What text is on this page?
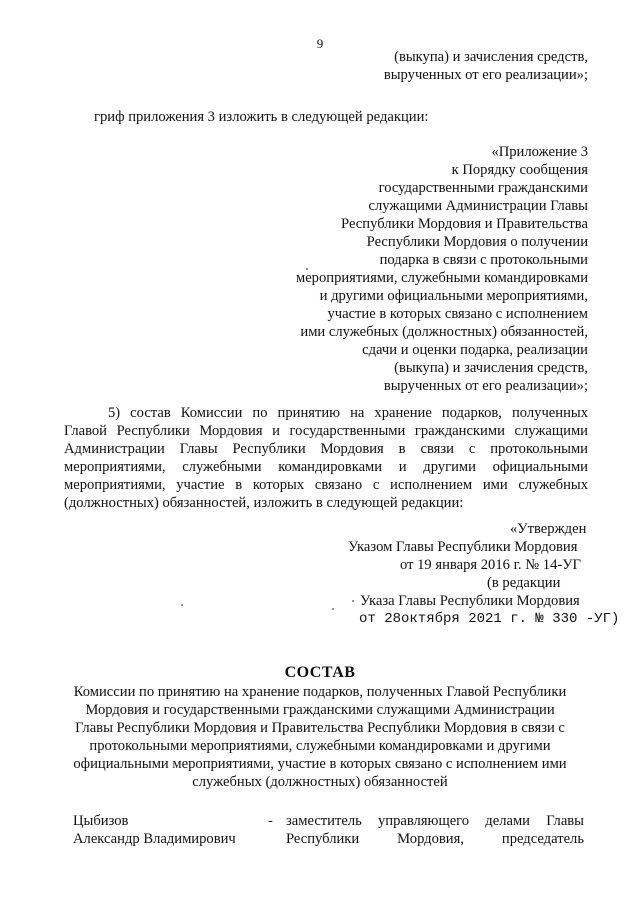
9
(выкупа) и зачисления средств,
вырученных от его реализации»;
гриф приложения 3 изложить в следующей редакции:
«Приложение 3
к Порядку сообщения
государственными гражданскими
служащими Администрации Главы
Республики Мордовия и Правительства
Республики Мордовия о получении
подарка в связи с протокольными
мероприятиями, служебными командировками
и другими официальными мероприятиями,
участие в которых связано с исполнением
ими служебных (должностных) обязанностей,
сдачи и оценки подарка, реализации
(выкупа) и зачисления средств,
вырученных от его реализации»;
5) состав Комиссии по принятию на хранение подарков, полученных
Главой Республики Мордовия и государственными гражданскими служащими
Администрации Главы Республики Мордовия в связи с протокольными
мероприятиями, служебными командировками и другими официальными
мероприятиями, участие в которых связано с исполнением ими служебных
(должностных) обязанностей, изложить в следующей редакции:
«Утвержден
Указом Главы Республики Мордовия
от 19 января 2016 г. № 14-УГ
(в редакции
Указа Главы Республики Мордовия
от 28октября 2021 г. № 330 -УГ)
СОСТАВ
Комиссии по принятию на хранение подарков, полученных Главой Республики
Мордовия и государственными гражданскими служащими Администрации
Главы Республики Мордовия и Правительства Республики Мордовия в связи с
протокольными мероприятиями, служебными командировками и другими
официальными мероприятиями, участие в которых связано с исполнением ими
служебных (должностных) обязанностей
Цыбизов
Александр Владимирович
- заместитель управляющего делами Главы
Республики Мордовия, председатель
